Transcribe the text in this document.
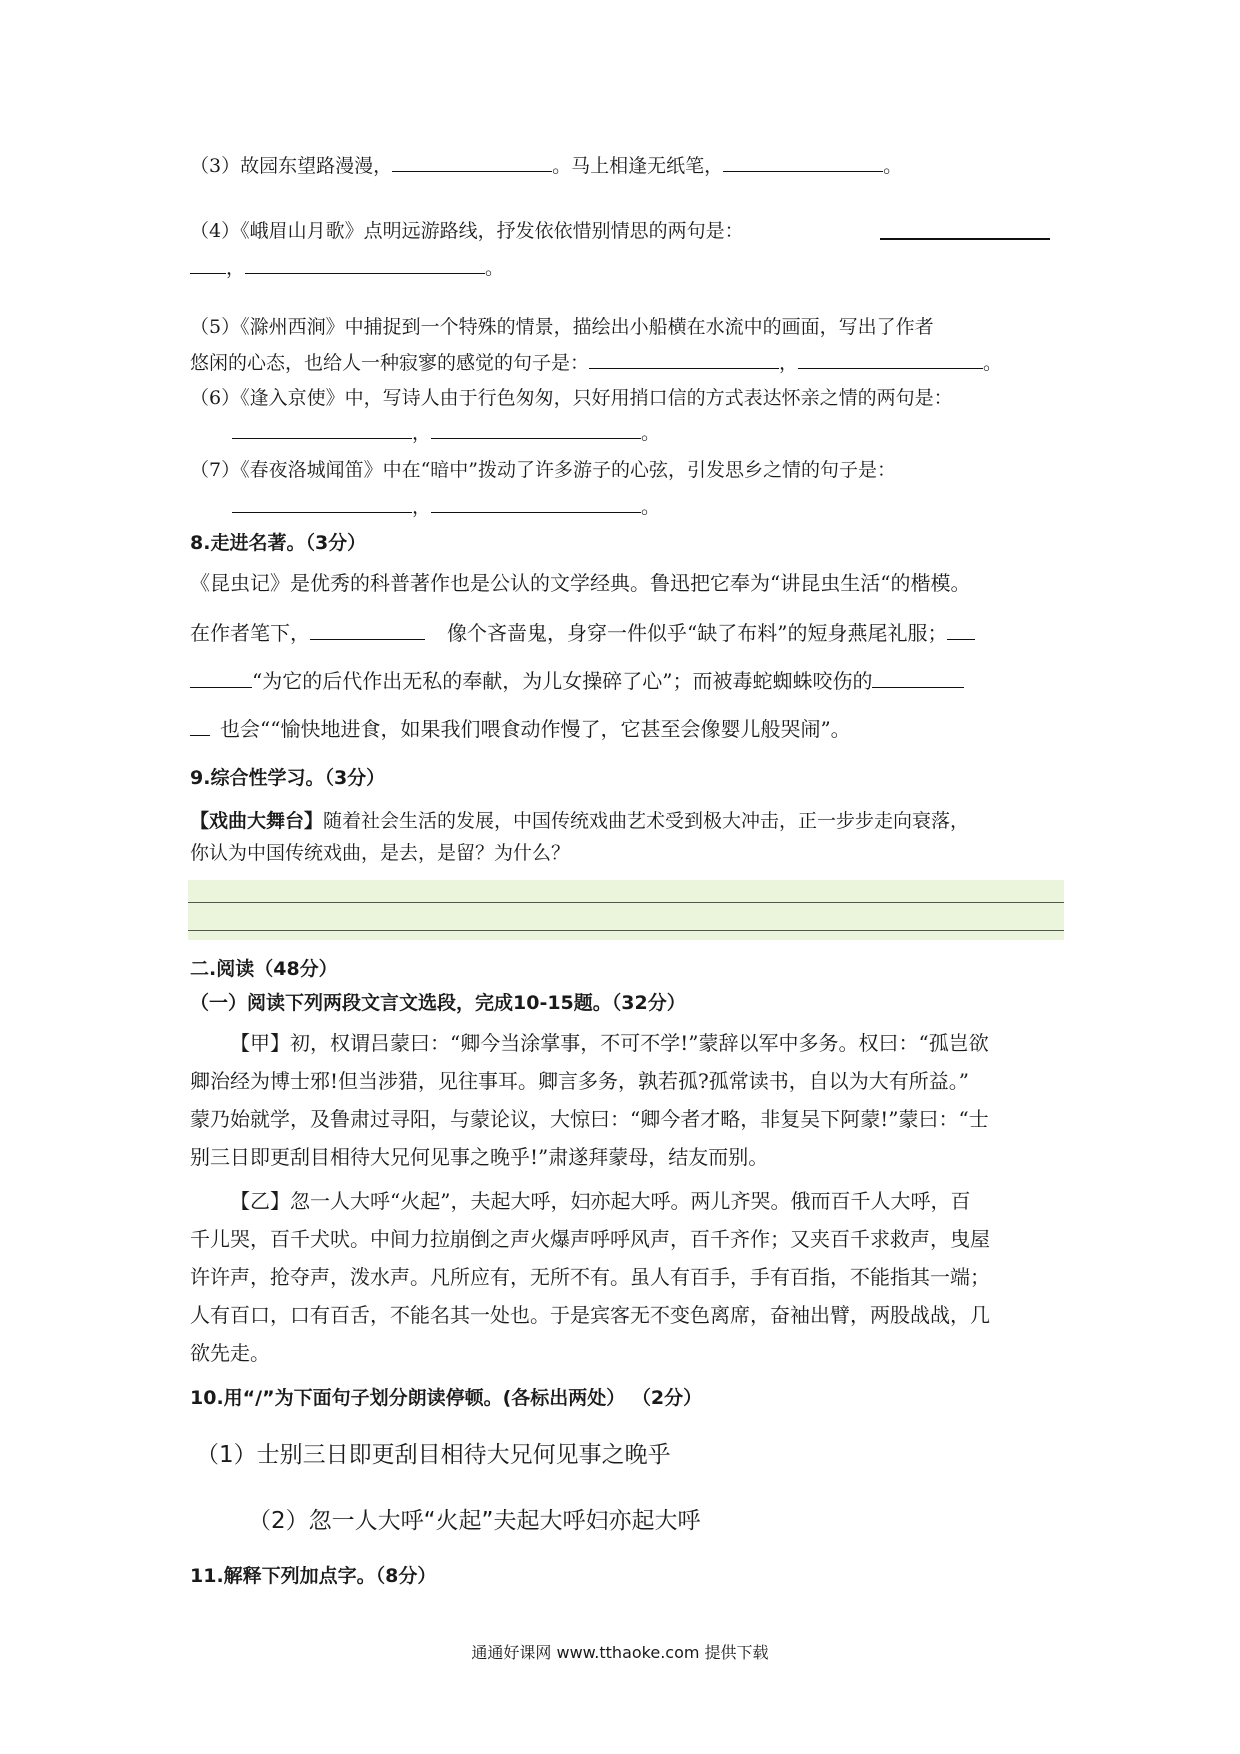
（3）故园东望路漫漫，	。马上相逢无纸笔，	。
（4）《峨眉山月歌》点明远游路线，抒发依依惜别情思的两句是：
，	。
（5）《滁州西涧》中捕捉到一个特殊的情景，描绘出小船横在水流中的画面，写出了作者
悠闲的心态，也给人一种寂寥的感觉的句子是：	，	。
（6）《逢入京使》中，写诗人由于行色匆匆，只好用捎口信的方式表达怀亲之情的两句是：
，	。
（7）《春夜洛城闻笛》中在“暗中”拨动了许多游子的心弦，引发思乡之情的句子是：
，	。
8.走进名著。（3分）
《昆虫记》是优秀的科普著作也是公认的文学经典。鲁迅把它奉为“讲昆虫生活“的楷模。
在作者笔下，	像个吝啬鬼，身穿一件似乎“缺了布料”的短身燕尾礼服；
“为它的后代作出无私的奉献，为儿女操碎了心”；而被毒蛇蜘蛛咬伤的
也会““愉快地进食，如果我们喂食动作慢了，它甚至会像婴儿般哭闹”。
9.综合性学习。（3分）
【戏曲大舞台】随着社会生活的发展，中国传统戏曲艺术受到极大冲击，正一步步走向衰落，
你认为中国传统戏曲，是去，是留？为什么？
二.阅读（48分）
（一）阅读下列两段文言文选段，完成10-15题。（32分）
【甲】初，权谓吕蒙曰：“卿今当涂掌事，不可不学!”蒙辞以军中多务。权曰：“孤岂欲
卿治经为博士邪!但当涉猎，见往事耳。卿言多务，孰若孤?孤常读书，自以为大有所益。”
蒙乃始就学，及鲁肃过寻阳，与蒙论议，大惊曰：“卿今者才略，非复吴下阿蒙!”蒙曰：“士
别三日即更刮目相待大兄何见事之晚乎!”肃遂拜蒙母，结友而别。
【乙】忽一人大呼“火起”，夫起大呼，妇亦起大呼。两儿齐哭。俄而百千人大呼，百
千儿哭，百千犬吠。中间力拉崩倒之声火爆声呼呼风声，百千齐作；又夹百千求救声，曳屋
许许声，抢夺声，泼水声。凡所应有，无所不有。虽人有百手，手有百指，不能指其一端；
人有百口，口有百舌，不能名其一处也。于是宾客无不变色离席，奋袖出臂，两股战战，几
欲先走。
10.用“/”为下面句子划分朗读停顿。(各标出两处） （2分）
（1）士别三日即更刮目相待大兄何见事之晚乎
（2）忽一人大呼“火起”夫起大呼妇亦起大呼
11.解释下列加点字。（8分）
通通好课网 www.tthaoke.com 提供下载
